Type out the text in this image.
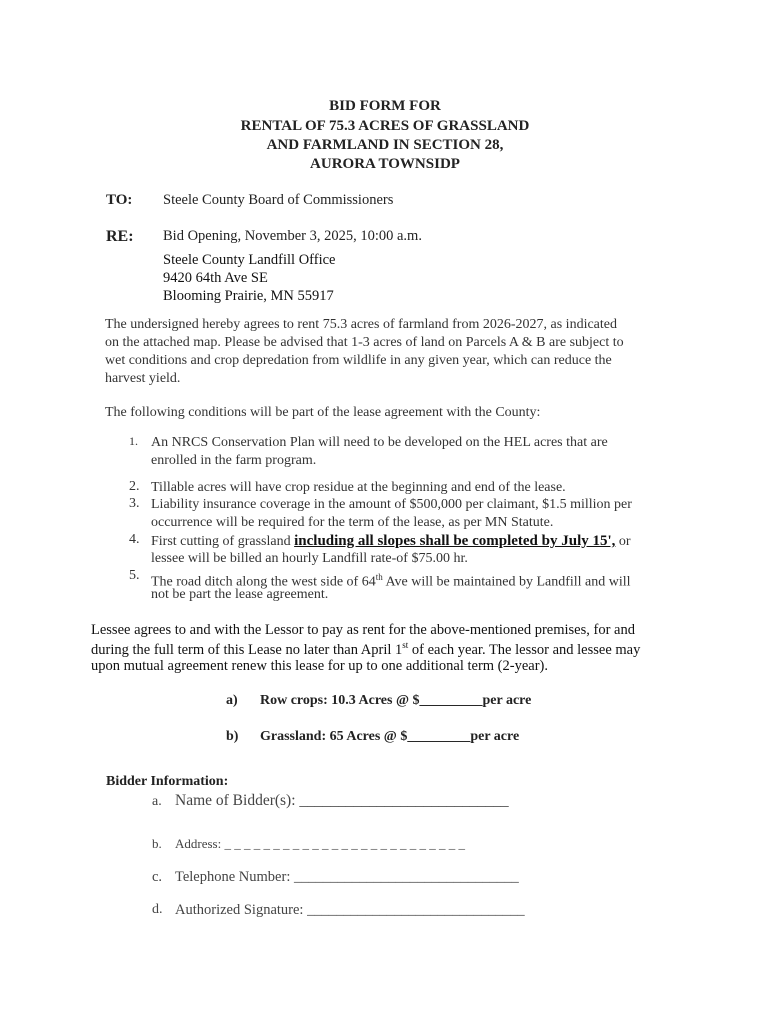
BID FORM FOR
RENTAL OF 75.3 ACRES OF GRASSLAND
AND FARMLAND IN SECTION 28,
AURORA TOWNSIDP
TO: Steele County Board of Commissioners
RE: Bid Opening, November 3, 2025, 10:00 a.m.
Steele County Landfill Office
9420 64th Ave SE
Blooming Prairie, MN 55917
The undersigned hereby agrees to rent 75.3 acres of farmland from 2026-2027, as indicated
on the attached map. Please be advised that 1-3 acres of land on Parcels A & B are subject to
wet conditions and crop depredation from wildlife in any given year, which can reduce the
harvest yield.
The following conditions will be part of the lease agreement with the County:
1. An NRCS Conservation Plan will need to be developed on the HEL acres that are
enrolled in the farm program.
2. Tillable acres will have crop residue at the beginning and end of the lease.
3. Liability insurance coverage in the amount of $500,000 per claimant, $1.5 million per
occurrence will be required for the term of the lease, as per MN Statute.
4. First cutting of grassland including all slopes shall be completed by July 15', or
lessee will be billed an hourly Landfill rate-of $75.00 hr.
5. The road ditch along the west side of 64th Ave will be maintained by Landfill and will
not be part the lease agreement.
Lessee agrees to and with the Lessor to pay as rent for the above-mentioned premises, for and
during the full term of this Lease no later than April 1st of each year. The lessor and lessee may
upon mutual agreement renew this lease for up to one additional term (2-year).
a) Row crops: 10.3 Acres @ $_________per acre
b) Grassland: 65 Acres @ $_________per acre
Bidder Information:
a. Name of Bidder(s): ___________________________
b. Address: _ _ _ _ _ _ _ _ _ _ _ _ _ _ _ _ _ _ _ _ _ _ _ _ _
c. Telephone Number: _______________________________
d. Authorized Signature: ______________________________
